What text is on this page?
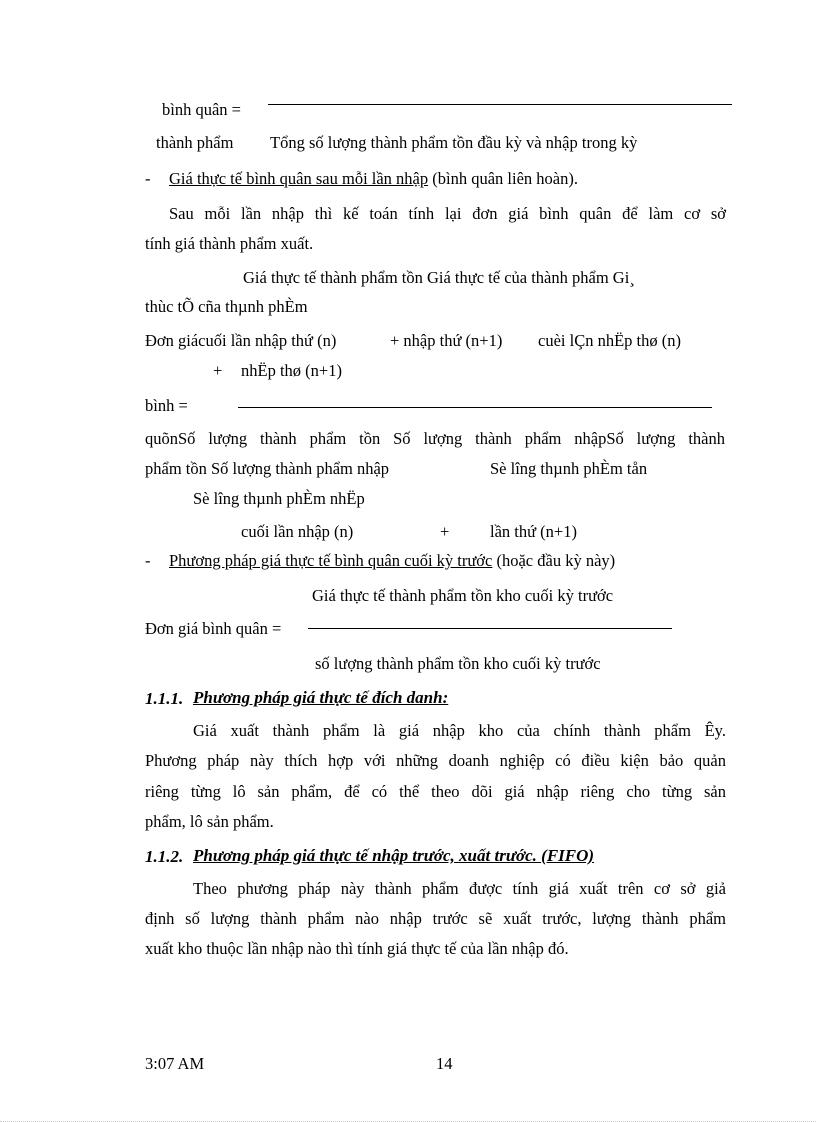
bình quân =
thành phẩm Tổng số lượng thành phẩm tồn đầu kỳ và nhập trong kỳ
- Giá thực tế bình quân sau mỗi lần nhập (bình quân liên hoàn).
Sau mỗi lần nhập thì kế toán tính lại đơn giá bình quân để làm cơ sở
tính giá thành phẩm xuất.
Giá thực tế thành phẩm tồn Giá thực tế của thành phẩm Gi¸
thùc tÕ cña thµnh phÈm
Đơn giácuối lần nhập thứ (n)	+ nhập thứ (n+1) cuèi lÇn nhËp thø (n)
+ nhËp thø (n+1)
bình =
quõnSố lượng thành phẩm tồn Số lượng thành phẩm nhậpSố lượng thành
phẩm tồn Số lượng thành phẩm nhập	Sè lîng thµnh phÈm tån
Sè lîng thµnh phÈm nhËp
cuối lần nhập (n)	+ lần thứ (n+1)
- Phương pháp giá thực tế bình quân cuối kỳ trước (hoặc đầu kỳ này)
Giá thực tế thành phẩm tồn kho cuối kỳ trước
Đơn giá bình quân =
số lượng thành phẩm tồn kho cuối kỳ trước
1.1.1. Phương pháp giá thực tế đích danh:
Giá xuất thành phẩm là giá nhập kho của chính thành phẩm Êy.
Phương pháp này thích hợp với những doanh nghiệp có điều kiện bảo quản
riêng từng lô sản phẩm, để có thể theo dõi giá nhập riêng cho từng sản
phẩm, lô sản phẩm.
1.1.2. Phương pháp giá thực tế nhập trước, xuất trước. (FIFO)
Theo phương pháp này thành phẩm được tính giá xuất trên cơ sở giả
định số lượng thành phẩm nào nhập trước sẽ xuất trước, lượng thành phẩm
xuất kho thuộc lần nhập nào thì tính giá thực tế của lần nhập đó.
3:07 AM	14
